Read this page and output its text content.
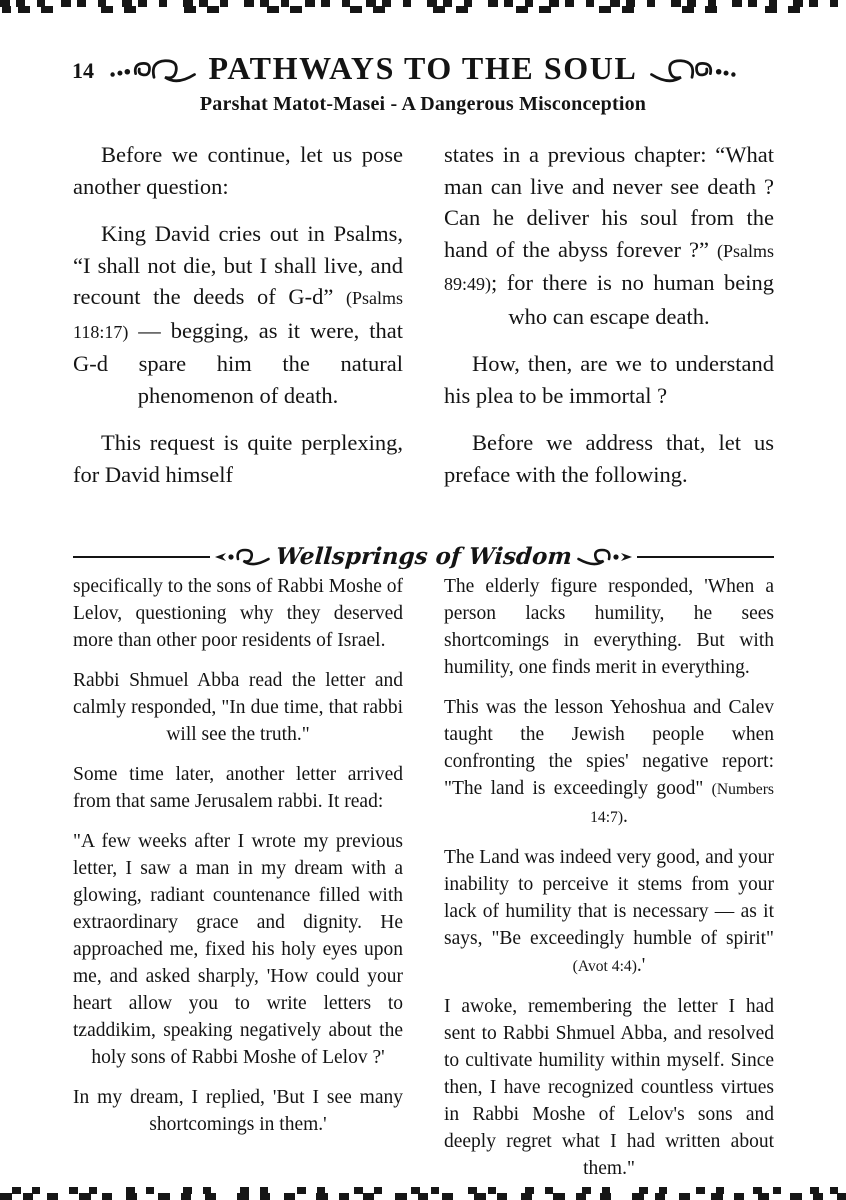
14	PATHWAYS TO THE SOUL
Parshat Matot-Masei - A Dangerous Misconception

Before we continue, let us pose another question:

King David cries out in Psalms, “I shall not die, but I shall live, and recount the deeds of G-d” (Psalms 118:17) — begging, as it were, that G-d spare him the natural phenomenon of death.

This request is quite perplexing, for David himself

states in a previous chapter: “What man can live and never see death ? Can he deliver his soul from the hand of the abyss forever ?” (Psalms 89:49); for there is no human being who can escape death.

How, then, are we to understand his plea to be immortal ?

Before we address that, let us preface with the following.

Wellsprings of Wisdom

specifically to the sons of Rabbi Moshe of Lelov, questioning why they deserved more than other poor residents of Israel.

Rabbi Shmuel Abba read the letter and calmly responded, "In due time, that rabbi will see the truth."

Some time later, another letter arrived from that same Jerusalem rabbi. It read:

"A few weeks after I wrote my previous letter, I saw a man in my dream with a glowing, radiant countenance filled with extraordinary grace and dignity. He approached me, fixed his holy eyes upon me, and asked sharply, 'How could your heart allow you to write letters to tzaddikim, speaking negatively about the holy sons of Rabbi Moshe of Lelov ?'

In my dream, I replied, 'But I see many shortcomings in them.'

The elderly figure responded, 'When a person lacks humility, he sees shortcomings in everything. But with humility, one finds merit in everything.

This was the lesson Yehoshua and Calev taught the Jewish people when confronting the spies' negative report: "The land is exceedingly good" (Numbers 14:7).

The Land was indeed very good, and your inability to perceive it stems from your lack of humility that is necessary — as it says, "Be exceedingly humble of spirit" (Avot 4:4).'

I awoke, remembering the letter I had sent to Rabbi Shmuel Abba, and resolved to cultivate humility within myself. Since then, I have recognized countless virtues in Rabbi Moshe of Lelov's sons and deeply regret what I had written about them."
